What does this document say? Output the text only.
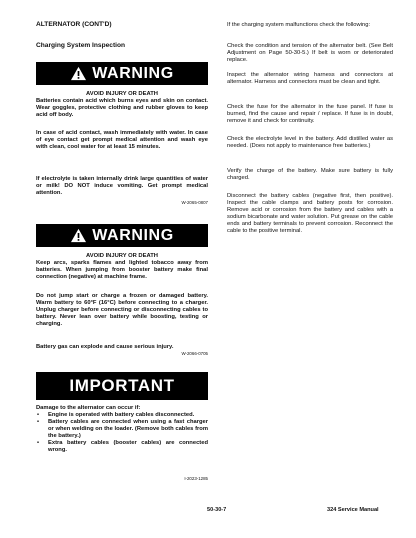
ALTERNATOR (CONT'D)
Charging System Inspection
WARNING
AVOID INJURY OR DEATH
Batteries contain acid which burns eyes and skin on contact. Wear goggles, protective clothing and rubber gloves to keep acid off body.
In case of acid contact, wash immediately with water. In case of eye contact get prompt medical attention and wash eye with clean, cool water for at least 15 minutes.
If electrolyte is taken internally drink large quantities of water or milk! DO NOT induce vomiting. Get prompt medical attention.
W-2065-0807
WARNING
AVOID INJURY OR DEATH
Keep arcs, sparks flames and lighted tobacco away from batteries. When jumping from booster battery make final connection (negative) at machine frame.
Do not jump start or charge a frozen or damaged battery. Warm battery to 60°F (16°C) before connecting to a charger. Unplug charger before connecting or disconnecting cables to battery. Never lean over battery while boosting, testing or charging.
Battery gas can explode and cause serious injury.
W-2066-0705
IMPORTANT
Damage to the alternator can occur if:
• Engine is operated with battery cables disconnected.
• Battery cables are connected when using a fast charger or when welding on the loader. (Remove both cables from the battery.)
• Extra battery cables (booster cables) are connected wrong.
I-2023-1285
If the charging system malfunctions check the following:
Check the condition and tension of the alternator belt. (See Belt Adjustment on Page 50-30-5.) If belt is worn or deteriorated replace.
Inspect the alternator wiring harness and connectors at alternator. Harness and connectors must be clean and tight.
Check the fuse for the alternator in the fuse panel. If fuse is burned, find the cause and repair / replace. If fuse is in doubt, remove it and check for continuity.
Check the electrolyte level in the battery. Add distilled water as needed. (Does not apply to maintenance free batteries.)
Verify the charge of the battery. Make sure battery is fully charged.
Disconnect the battery cables (negative first, then positive). Inspect the cable clamps and battery posts for corrosion. Remove acid or corrosion from the battery and cables with a sodium bicarbonate and water solution. Put grease on the cable ends and battery terminals to prevent corrosion. Reconnect the cable to the positive terminal.
50-30-7	324 Service Manual
